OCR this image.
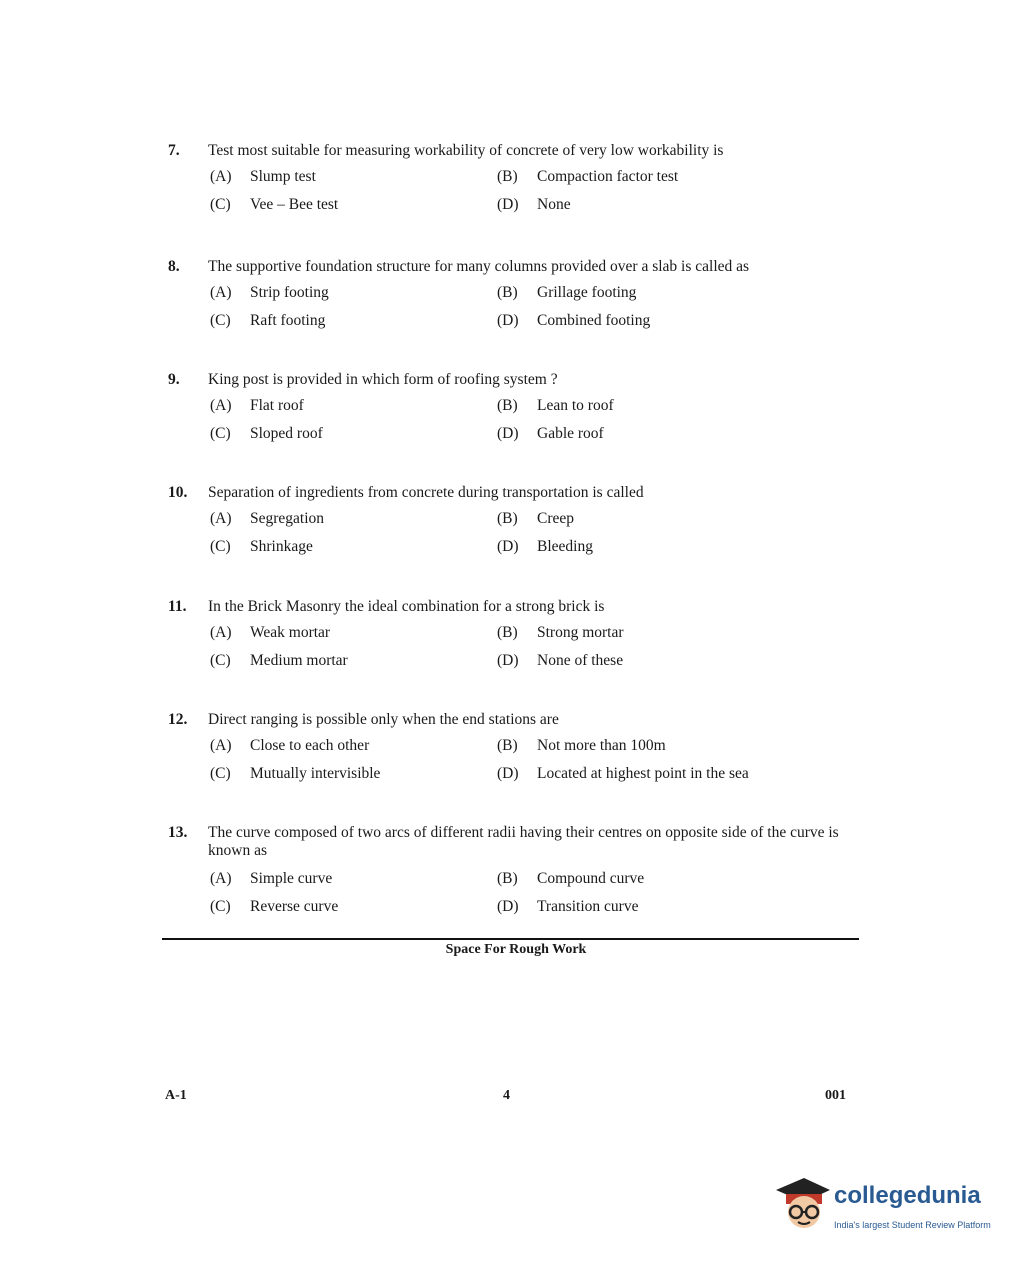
7.	Test most suitable for measuring workability of concrete of very low workability is
(A)	Slump test	(B)	Compaction factor test
(C)	Vee – Bee test	(D)	None
8.	The supportive foundation structure for many columns provided over a slab is called as
(A)	Strip footing	(B)	Grillage footing
(C)	Raft footing	(D)	Combined footing
9.	King post is provided in which form of roofing system ?
(A)	Flat roof	(B)	Lean to roof
(C)	Sloped roof	(D)	Gable roof
10.	Separation of ingredients from concrete during transportation is called
(A)	Segregation	(B)	Creep
(C)	Shrinkage	(D)	Bleeding
11.	In the Brick Masonry the ideal combination for a strong brick is
(A)	Weak mortar	(B)	Strong mortar
(C)	Medium mortar	(D)	None of these
12.	Direct ranging is possible only when the end stations are
(A)	Close to each other	(B)	Not more than 100m
(C)	Mutually intervisible	(D)	Located at highest point in the sea
13.	The curve composed of two arcs of different radii having their centres on opposite side of the curve is known as
(A)	Simple curve	(B)	Compound curve
(C)	Reverse curve	(D)	Transition curve
Space For Rough Work
A-1	4	001
collegedunia
India's largest Student Review Platform
